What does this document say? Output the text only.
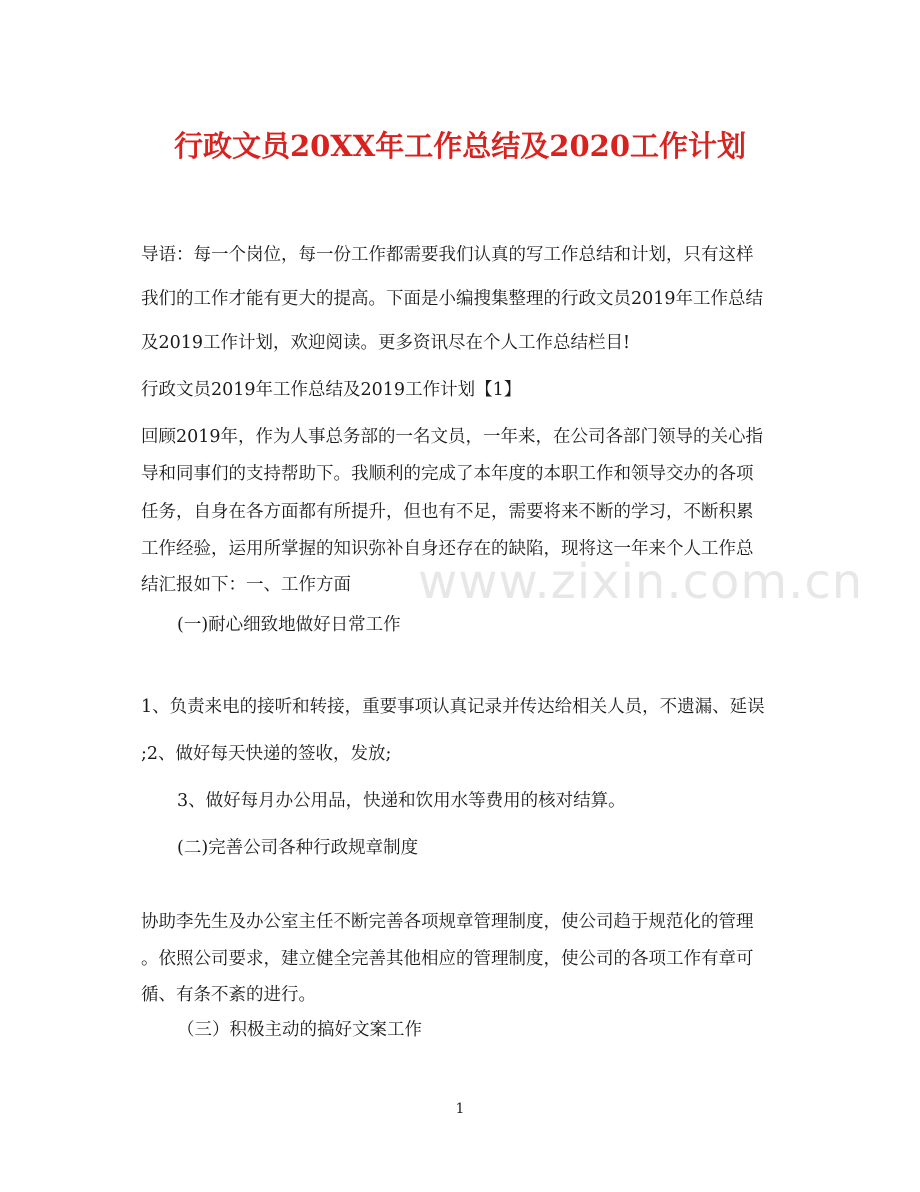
行政文员20XX年工作总结及2020工作计划
导语：每一个岗位，每一份工作都需要我们认真的写工作总结和计划，只有这样
我们的工作才能有更大的提高。下面是小编搜集整理的行政文员2019年工作总结
及2019工作计划，欢迎阅读。更多资讯尽在个人工作总结栏目!
行政文员2019年工作总结及2019工作计划【1】
回顾2019年，作为人事总务部的一名文员，一年来，在公司各部门领导的关心指
导和同事们的支持帮助下。我顺利的完成了本年度的本职工作和领导交办的各项
任务，自身在各方面都有所提升，但也有不足，需要将来不断的学习，不断积累
工作经验，运用所掌握的知识弥补自身还存在的缺陷，现将这一年来个人工作总
结汇报如下：一、工作方面
(一)耐心细致地做好日常工作
1、负责来电的接听和转接，重要事项认真记录并传达给相关人员，不遗漏、延误
;2、做好每天快递的签收，发放;
3、做好每月办公用品，快递和饮用水等费用的核对结算。
(二)完善公司各种行政规章制度
协助李先生及办公室主任不断完善各项规章管理制度，使公司趋于规范化的管理
。依照公司要求，建立健全完善其他相应的管理制度，使公司的各项工作有章可
循、有条不紊的进行。
（三）积极主动的搞好文案工作
www.zixin.com.cn
1
